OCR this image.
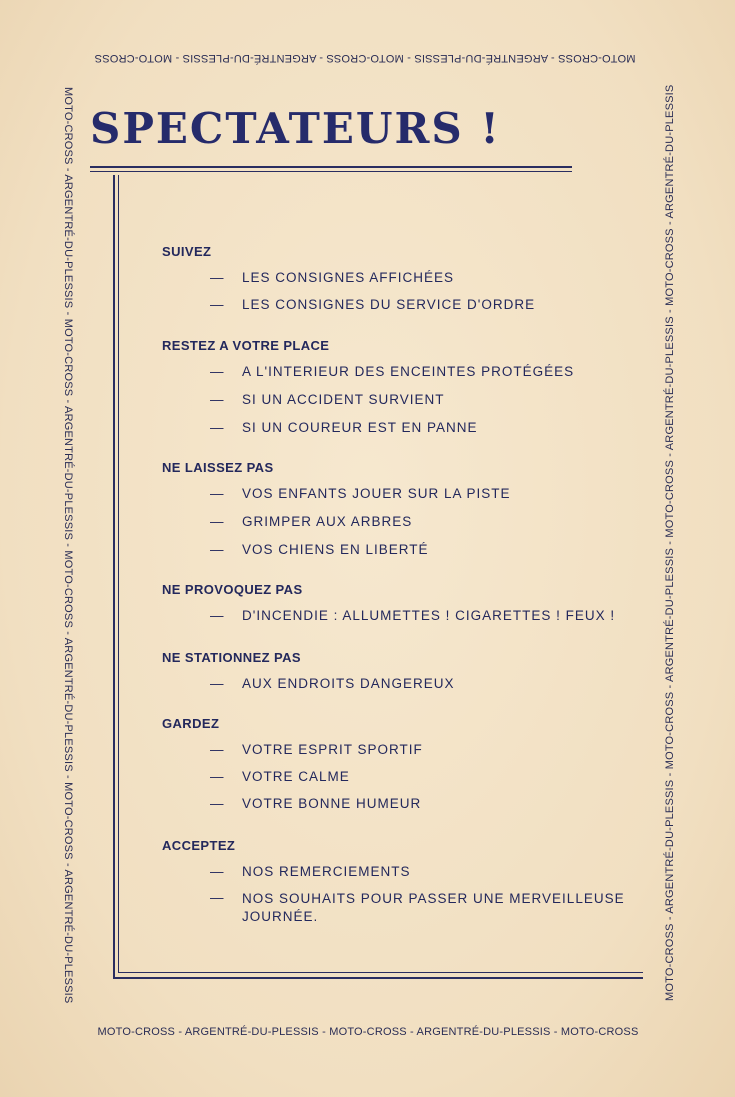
MOTO-CROSS - ARGENTRÉ-DU-PLESSIS - MOTO-CROSS - ARGENTRÉ-DU-PLESSIS - MOTO-CROSS
MOTO-CROSS - ARGENTRÉ-DU-PLESSIS - MOTO-CROSS - ARGENTRÉ-DU-PLESSIS - MOTO-CROSS
MOTO-CROSS - ARGENTRÉ-DU-PLESSIS - MOTO-CROSS - ARGENTRÉ-DU-PLESSIS - MOTO-CROSS - ARGENTRÉ-DU-PLESSIS - MOTO-CROSS - ARGENTRÉ-DU-PLESSIS	MOTO-CROSS - ARGENTRÉ-DU-PLESSIS - MOTO-CROSS - ARGENTRÉ-DU-PLESSIS - MOTO-CROSS - ARGENTRÉ-DU-PLESSIS - MOTO-CROSS - ARGENTRÉ-DU-PLESSIS
SPECTATEURS !
SUIVEZ
— LES CONSIGNES AFFICHÉES
— LES CONSIGNES DU SERVICE D'ORDRE
RESTEZ A VOTRE PLACE
— A L'INTERIEUR DES ENCEINTES PROTÉGÉES
— SI UN ACCIDENT SURVIENT
— SI UN COUREUR EST EN PANNE
NE LAISSEZ PAS
— VOS ENFANTS JOUER SUR LA PISTE
— GRIMPER AUX ARBRES
— VOS CHIENS EN LIBERTÉ
NE PROVOQUEZ PAS
— D'INCENDIE : ALLUMETTES ! CIGARETTES ! FEUX !
NE STATIONNEZ PAS
— AUX ENDROITS DANGEREUX
GARDEZ
— VOTRE ESPRIT SPORTIF
— VOTRE CALME
— VOTRE BONNE HUMEUR
ACCEPTEZ
— NOS REMERCIEMENTS
— NOS SOUHAITS POUR PASSER UNE MERVEILLEUSE JOURNÉE.
